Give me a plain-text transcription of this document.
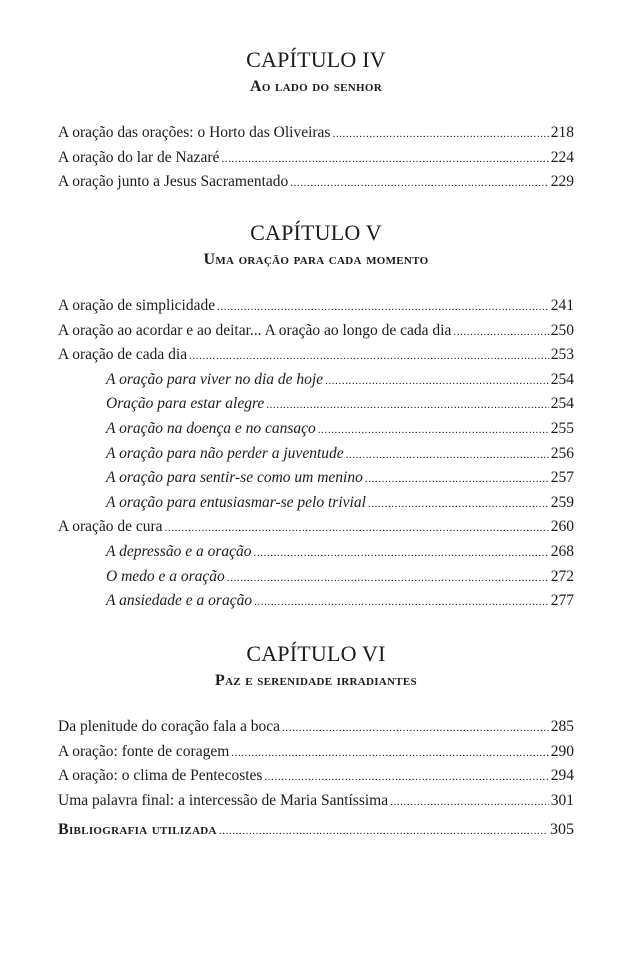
CAPÍTULO IV
Ao lado do senhor
A oração das orações: o Horto das Oliveiras .....	218
A oração do lar de Nazaré .....	224
A oração junto a Jesus Sacramentado .....	229
CAPÍTULO V
Uma oração para cada momento
A oração de simplicidade .....	241
A oração ao acordar e ao deitar... A oração ao longo de cada dia .....	250
A oração de cada dia .....	253
A oração para viver no dia de hoje .....	254
Oração para estar alegre .....	254
A oração na doença e no cansaço .....	255
A oração para não perder a juventude .....	256
A oração para sentir-se como um menino .....	257
A oração para entusiasmar-se pelo trivial .....	259
A oração de cura .....	260
A depressão e a oração .....	268
O medo e a oração .....	272
A ansiedade e a oração .....	277
CAPÍTULO VI
Paz e serenidade irradiantes
Da plenitude do coração fala a boca .....	285
A oração: fonte de coragem .....	290
A oração: o clima de Pentecostes .....	294
Uma palavra final: a intercessão de Maria Santíssima .....	301
Bibliografia utilizada .....	305
